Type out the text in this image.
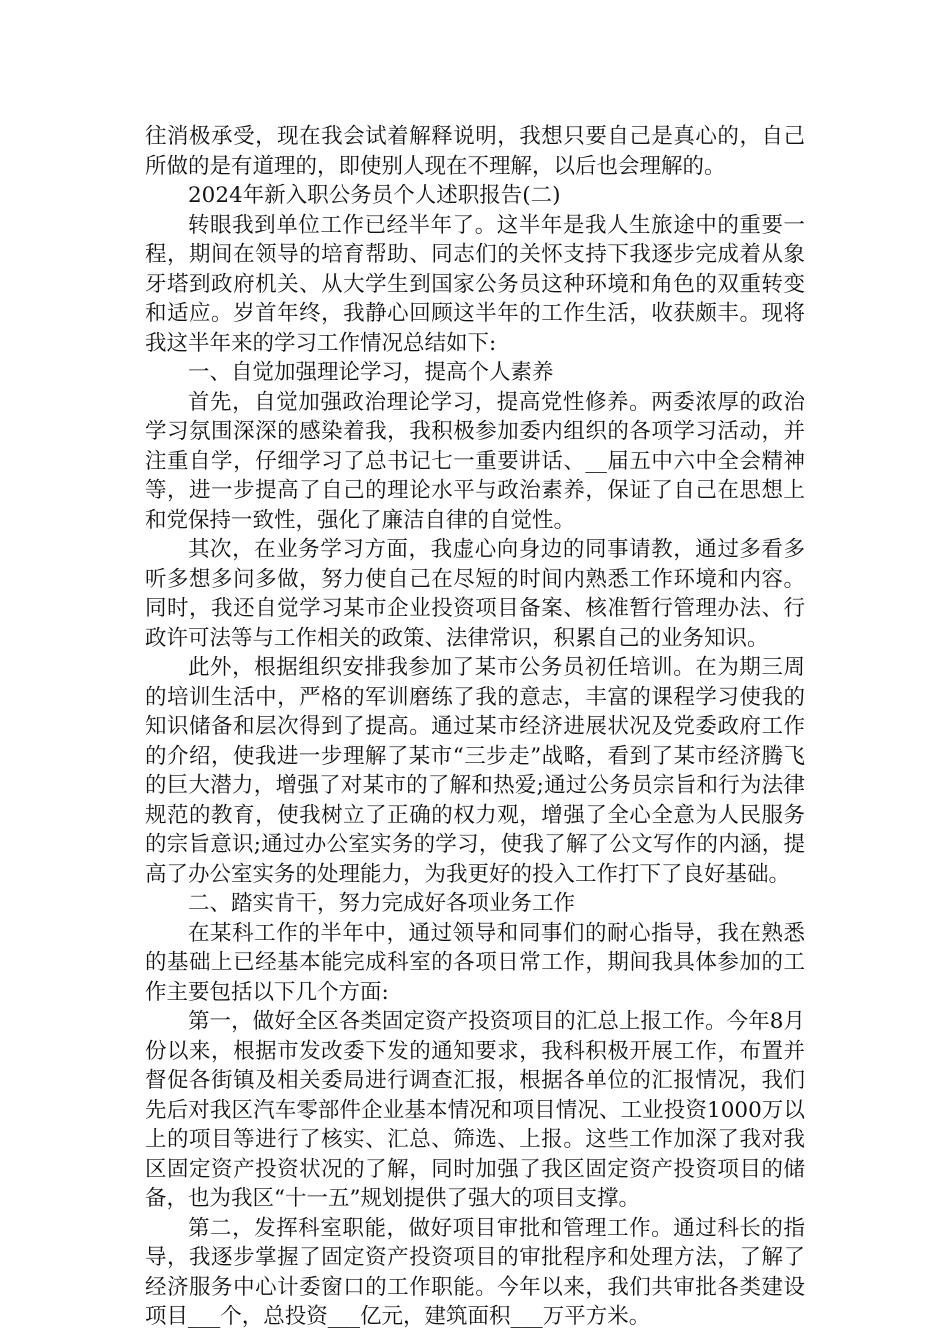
往消极承受，现在我会试着解释说明，我想只要自己是真心的，自己所做的是有道理的，即使别人现在不理解，以后也会理解的。

2024年新入职公务员个人述职报告(二)

转眼我到单位工作已经半年了。这半年是我人生旅途中的重要一程，期间在领导的培育帮助、同志们的关怀支持下我逐步完成着从象牙塔到政府机关、从大学生到国家公务员这种环境和角色的双重转变和适应。岁首年终，我静心回顾这半年的工作生活，收获颇丰。现将我这半年来的学习工作情况总结如下:

一、自觉加强理论学习，提高个人素养

首先，自觉加强政治理论学习，提高党性修养。两委浓厚的政治学习氛围深深的感染着我，我积极参加委内组织的各项学习活动，并注重自学，仔细学习了总书记七一重要讲话、__届五中六中全会精神等，进一步提高了自己的理论水平与政治素养，保证了自己在思想上和党保持一致性，强化了廉洁自律的自觉性。

其次，在业务学习方面，我虚心向身边的同事请教，通过多看多听多想多问多做，努力使自己在尽短的时间内熟悉工作环境和内容。同时，我还自觉学习某市企业投资项目备案、核准暂行管理办法、行政许可法等与工作相关的政策、法律常识，积累自己的业务知识。

此外，根据组织安排我参加了某市公务员初任培训。在为期三周的培训生活中，严格的军训磨练了我的意志，丰富的课程学习使我的知识储备和层次得到了提高。通过某市经济进展状况及党委政府工作的介绍，使我进一步理解了某市“三步走”战略，看到了某市经济腾飞的巨大潜力，增强了对某市的了解和热爱;通过公务员宗旨和行为法律规范的教育，使我树立了正确的权力观，增强了全心全意为人民服务的宗旨意识;通过办公室实务的学习，使我了解了公文写作的内涵，提高了办公室实务的处理能力，为我更好的投入工作打下了良好基础。

二、踏实肯干，努力完成好各项业务工作

在某科工作的半年中，通过领导和同事们的耐心指导，我在熟悉的基础上已经基本能完成科室的各项日常工作，期间我具体参加的工作主要包括以下几个方面:

第一，做好全区各类固定资产投资项目的汇总上报工作。今年8月份以来，根据市发改委下发的通知要求，我科积极开展工作，布置并督促各街镇及相关委局进行调查汇报，根据各单位的汇报情况，我们先后对我区汽车零部件企业基本情况和项目情况、工业投资1000万以上的项目等进行了核实、汇总、筛选、上报。这些工作加深了我对我区固定资产投资状况的了解，同时加强了我区固定资产投资项目的储备，也为我区“十一五”规划提供了强大的项目支撑。

第二，发挥科室职能，做好项目审批和管理工作。通过科长的指导，我逐步掌握了固定资产投资项目的审批程序和处理方法，了解了经济服务中心计委窗口的工作职能。今年以来，我们共审批各类建设项目___个，总投资___亿元，建筑面积___万平方米。
